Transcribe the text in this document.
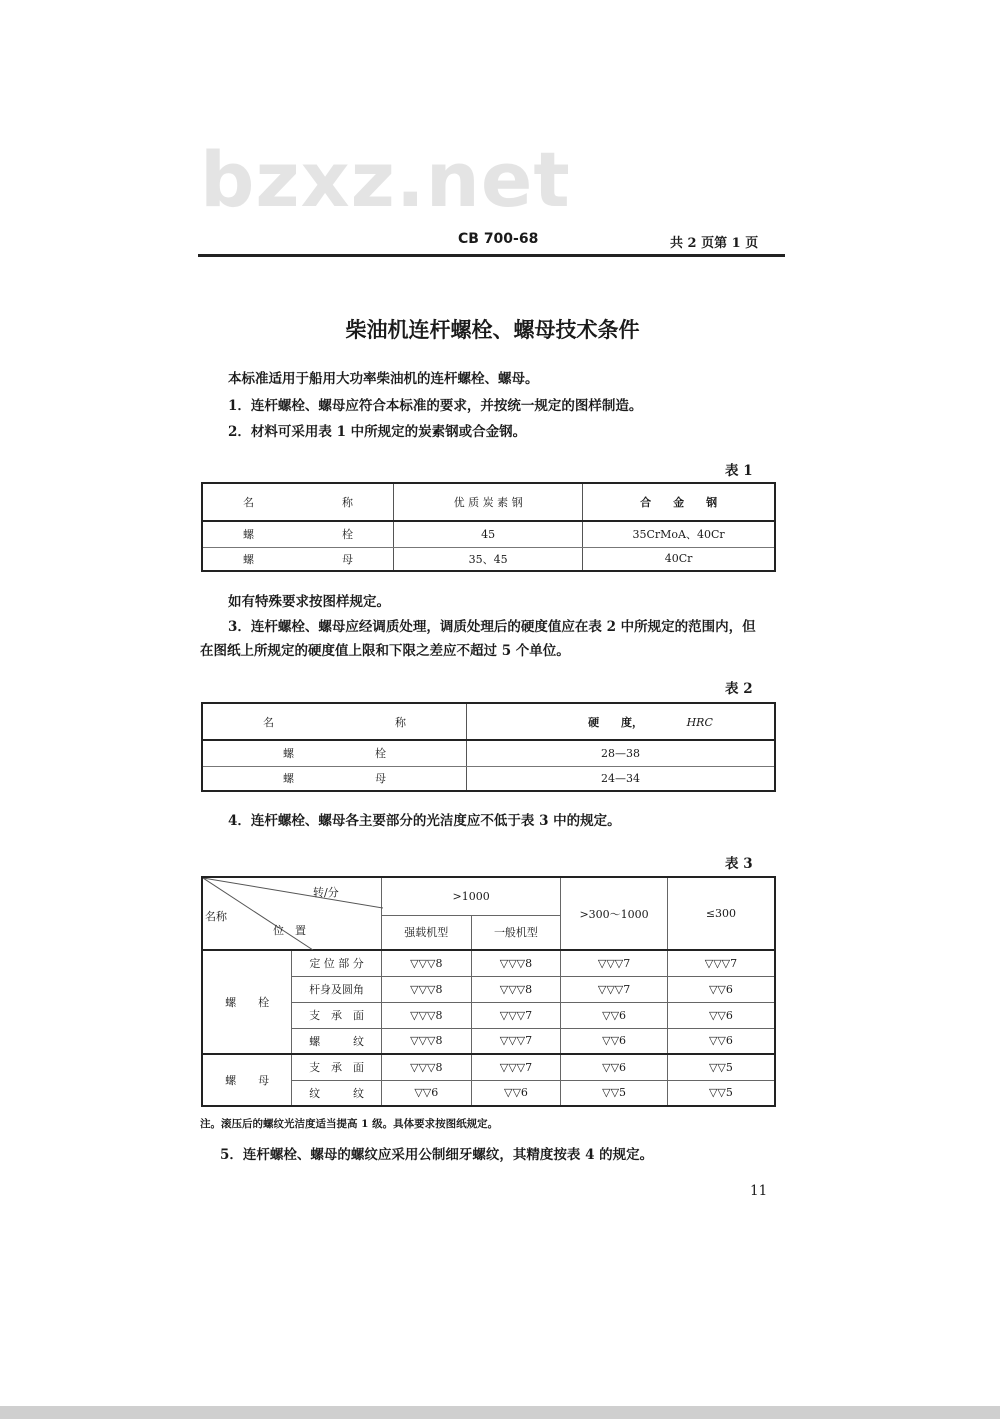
bzxz.net
CB 700-68	共 2 页第 1 页
柴油机连杆螺栓、螺母技术条件
本标准适用于船用大功率柴油机的连杆螺栓、螺母。
1．连杆螺栓、螺母应符合本标准的要求，并按统一规定的图样制造。
2．材料可采用表 1 中所规定的炭素钢或合金钢。
表 1
名 称	优 质 炭 素 钢	合　　金　　钢

螺 栓	45	35CrMoA、40Cr

螺 母	35、45	40Cr
如有特殊要求按图样规定。
3．连杆螺栓、螺母应经调质处理，调质处理后的硬度值应在表 2 中所规定的范围内，但
在图纸上所规定的硬度值上限和下限之差应不超过 5 个单位。
表 2
名 称	硬　　度， HRC

螺 栓	28—38

螺 母	24—34
4．连杆螺栓、螺母各主要部分的光洁度应不低于表 3 中的规定。
表 3
转/分
名称
位　置		>1000		>300～1000	≤300
		强载机型	一般机型		
螺　　栓	定 位 部 分	▽▽▽8	▽▽▽8	▽▽▽7	▽▽▽7
	杆身及圆角	▽▽▽8	▽▽▽8	▽▽▽7	▽▽6
	支　承　面	▽▽▽8	▽▽▽7	▽▽6	▽▽6
	螺　　　纹	▽▽▽8	▽▽▽7	▽▽6	▽▽6
螺　　母	支　承　面	▽▽▽8	▽▽▽7	▽▽6	▽▽5
	纹　　　纹	▽▽6	▽▽6	▽▽5	▽▽5
注。滚压后的螺纹光洁度适当提高 1 级。具体要求按图纸规定。
5．连杆螺栓、螺母的螺纹应采用公制细牙螺纹，其精度按表 4 的规定。
11
